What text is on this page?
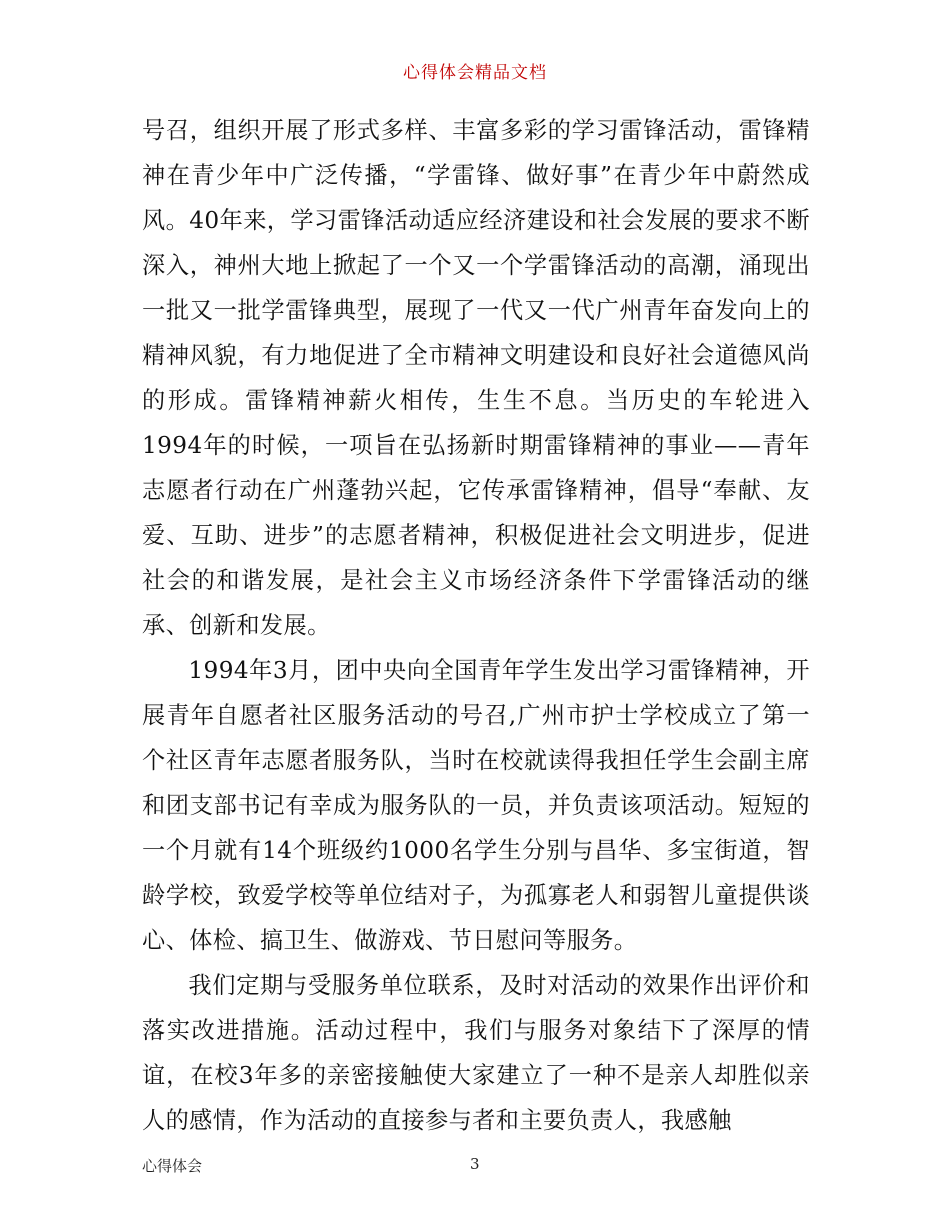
心得体会精品文档

号召，组织开展了形式多样、丰富多彩的学习雷锋活动，雷锋精神在青少年中广泛传播，“学雷锋、做好事”在青少年中蔚然成风。40年来，学习雷锋活动适应经济建设和社会发展的要求不断深入，神州大地上掀起了一个又一个学雷锋活动的高潮，涌现出一批又一批学雷锋典型，展现了一代又一代广州青年奋发向上的精神风貌，有力地促进了全市精神文明建设和良好社会道德风尚的形成。雷锋精神薪火相传，生生不息。当历史的车轮进入1994年的时候，一项旨在弘扬新时期雷锋精神的事业——青年志愿者行动在广州蓬勃兴起，它传承雷锋精神，倡导“奉献、友爱、互助、进步”的志愿者精神，积极促进社会文明进步，促进社会的和谐发展，是社会主义市场经济条件下学雷锋活动的继承、创新和发展。

1994年3月，团中央向全国青年学生发出学习雷锋精神，开展青年自愿者社区服务活动的号召,广州市护士学校成立了第一个社区青年志愿者服务队，当时在校就读得我担任学生会副主席和团支部书记有幸成为服务队的一员，并负责该项活动。短短的一个月就有14个班级约1000名学生分别与昌华、多宝街道，智龄学校，致爱学校等单位结对子，为孤寡老人和弱智儿童提供谈心、体检、搞卫生、做游戏、节日慰问等服务。

我们定期与受服务单位联系，及时对活动的效果作出评价和落实改进措施。活动过程中，我们与服务对象结下了深厚的情谊，在校3年多的亲密接触使大家建立了一种不是亲人却胜似亲人的感情，作为活动的直接参与者和主要负责人，我感触

心得体会	3
